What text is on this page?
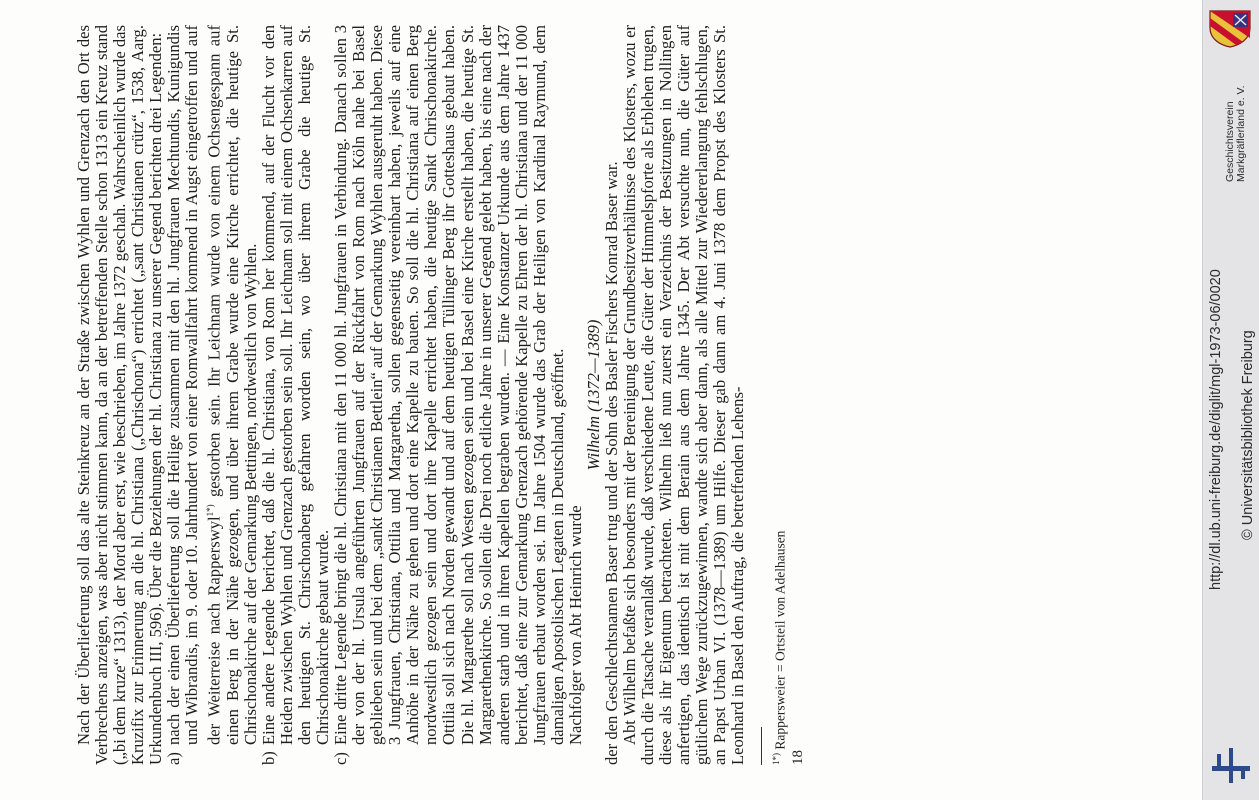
Nach der Überlieferung soll das alte Steinkreuz an der Straße zwischen Wyhlen und Grenzach den Ort des Verbrechens anzeigen, was aber nicht stimmen kann, da an der betreffenden Stelle schon 1313 ein Kreuz stand („bi dem kruze“ 1313), der Mord aber erst, wie beschrieben, im Jahre 1372 geschah. Wahrscheinlich wurde das Kruzifix zur Erinnerung an die hl. Christiana („Chrischona“) errichtet („sant Christianen crütz“, 1538, Aarg. Urkundenbuch III, 596). Über die Beziehungen der hl. Christiana zu unserer Gegend berichten drei Legenden: a)
nach der einen Überlieferung soll die Heilige zusammen mit den hl. Jungfrauen Mechtundis, Kunigundis und Wibrandis, im 9. oder 10. Jahrhundert von einer Romwallfahrt kommend in Augst eingetroffen und auf der Weiterreise nach Rapperswyl$^{1*)}$ gestorben sein. Ihr Leichnam wurde von einem Ochsengespann auf einen Berg in der Nähe gezogen, und über ihrem Grabe wurde eine Kirche errichtet, die heutige St. Chrischonakirche auf der Gemarkung Bettingen, nordwestlich von Wyhlen.
b)
Eine andere Legende berichtet, daß die hl. Christiana, von Rom her kommend, auf der Flucht vor den Heiden zwischen Wyhlen und Grenzach gestorben sein soll. Ihr Leichnam soll mit einem Ochsenkarren auf den heutigen St. Chrischonaberg gefahren worden sein, wo über ihrem Grabe die heutige St. Chrischonakirche gebaut wurde.
c)
Eine dritte Legende bringt die hl. Christiana mit den 11 000 hl. Jungfrauen in Verbindung. Danach sollen 3 der von der hl. Ursula angeführten Jungfrauen auf der Rückfahrt von Rom nach Köln nahe bei Basel geblieben sein und bei dem „sankt Christianen Bettlein“ auf der Gemarkung Wyhlen ausgeruht haben. Diese 3 Jungfrauen, Christiana, Ottilia und Margaretha, sollen gegenseitig vereinbart haben, jeweils auf eine Anhöhe in der Nähe zu gehen und dort eine Kapelle zu bauen. So soll die hl. Christiana auf einen Berg nordwestlich gezogen sein und dort ihre Kapelle errichtet haben, die heutige Sankt Chrischonakirche. Ottilia soll sich nach Norden gewandt und auf dem heutigen Tüllinger Berg ihr Gotteshaus gebaut haben. Die hl. Margarethe soll nach Westen gezogen sein und bei Basel eine Kirche erstellt haben, die heutige St. Margarethenkirche. So sollen die Drei noch etliche Jahre in unserer Gegend gelebt haben, bis eine nach der anderen starb und in ihren Kapellen begraben wurden. — Eine Konstanzer Urkunde aus dem Jahre 1437 berichtet, daß eine zur Gemarkung Grenzach gehörende Kapelle zu Ehren der hl. Christiana und der 11 000 Jungfrauen erbaut worden sei. Im Jahre 1504 wurde das Grab der Heiligen von Kardinal Raymund, dem damaligen Apostolischen Legaten in Deutschland, geöffnet. Nachfolger von Abt Heinrich wurde

Wilhelm (1372—1389) der den Geschlechtsnamen Baser trug und der Sohn des Basler Fischers Konrad Baser war. Abt Wilhelm befaßte sich besonders mit der Bereinigung der Grundbesitzverhältnisse des Klosters, wozu er durch die Tatsache veranlaßt wurde, daß verschiedene Leute, die Güter der Himmelspforte als Erblehen trugen, diese als ihr Eigentum betrachteten. Wilhelm ließ nun zuerst ein Verzeichnis der Besitzungen in Nollingen anfertigen, das identisch ist mit dem Berain aus dem Jahre 1345. Der Abt versuchte nun, die Güter auf gütlichem Wege zurückzugewinnen, wandte sich aber dann, als alle Mittel zur Wiedererlangung fehlschlugen, an Papst Urban VI. (1378—1389) um Hilfe. Dieser gab dann am 4. Juni 1378 dem Propst des Klosters St. Leonhard in Basel den Auftrag, die betreffenden Lehens-	$^{1*)}$ Rappersweier = Ortsteil von Adelhausen

18

http://dl.ub.uni-freiburg.de/diglit/mgl-1973-06/0020 © Universitätsbibliothek Freiburg
Geschichtsverein Markgräflerland e. V.
